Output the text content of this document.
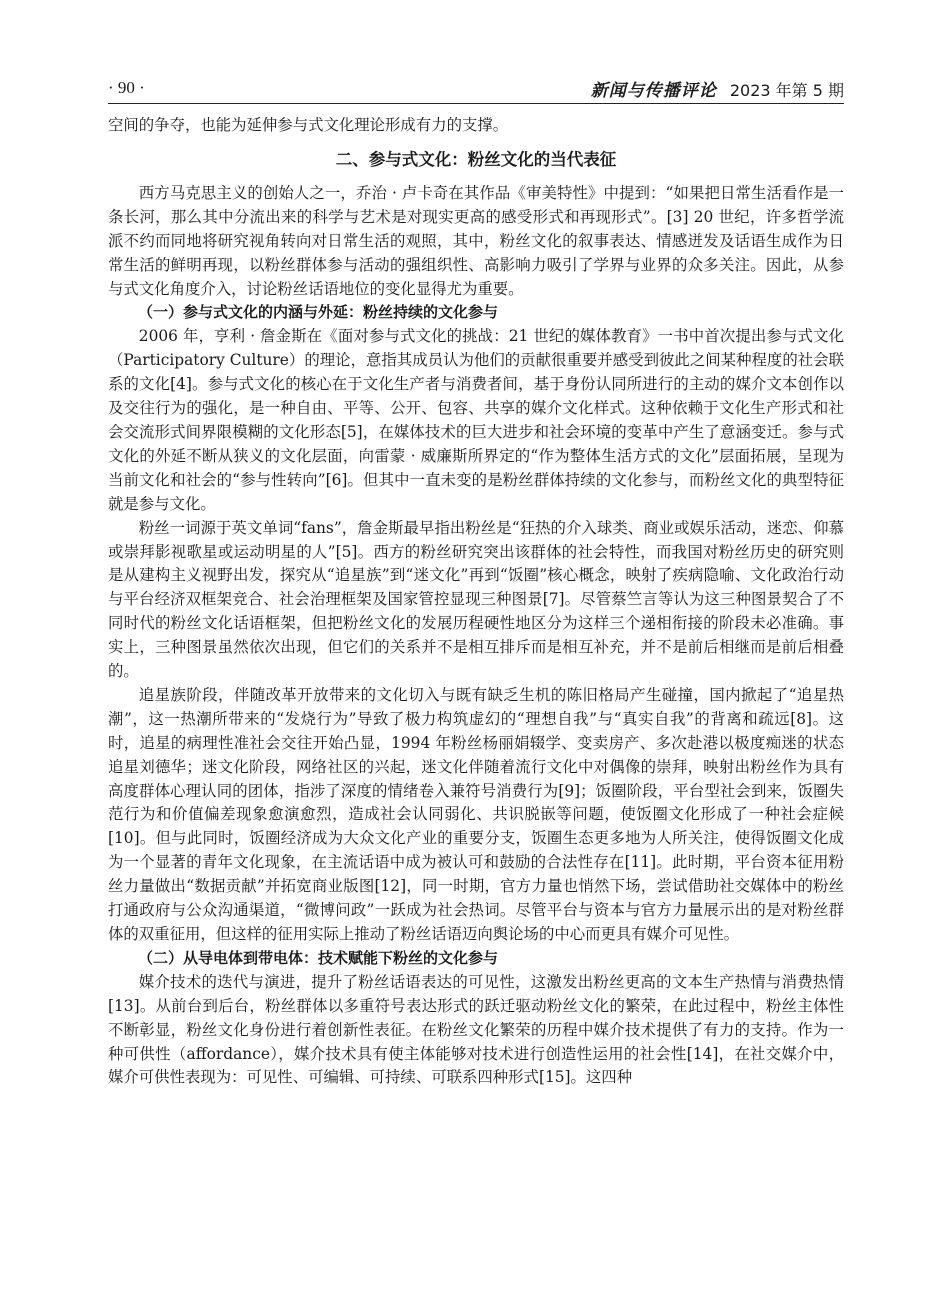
· 90 ·	新闻与传播评论 2023 年第 5 期

空间的争夺，也能为延伸参与式文化理论形成有力的支撑。

二、参与式文化：粉丝文化的当代表征

西方马克思主义的创始人之一，乔治 · 卢卡奇在其作品《审美特性》中提到：“如果把日常生活看作是一条长河，那么其中分流出来的科学与艺术是对现实更高的感受形式和再现形式”。[3] 20 世纪，许多哲学流派不约而同地将研究视角转向对日常生活的观照，其中，粉丝文化的叙事表达、情感迸发及话语生成作为日常生活的鲜明再现，以粉丝群体参与活动的强组织性、高影响力吸引了学界与业界的众多关注。因此，从参与式文化角度介入，讨论粉丝话语地位的变化显得尤为重要。

（一）参与式文化的内涵与外延：粉丝持续的文化参与

2006 年，亨利 · 詹金斯在《面对参与式文化的挑战：21 世纪的媒体教育》一书中首次提出参与式文化（Participatory Culture）的理论，意指其成员认为他们的贡献很重要并感受到彼此之间某种程度的社会联系的文化[4]。参与式文化的核心在于文化生产者与消费者间，基于身份认同所进行的主动的媒介文本创作以及交往行为的强化，是一种自由、平等、公开、包容、共享的媒介文化样式。这种依赖于文化生产形式和社会交流形式间界限模糊的文化形态[5]，在媒体技术的巨大进步和社会环境的变革中产生了意涵变迁。参与式文化的外延不断从狭义的文化层面，向雷蒙 · 威廉斯所界定的“作为整体生活方式的文化”层面拓展，呈现为当前文化和社会的“参与性转向”[6]。但其中一直未变的是粉丝群体持续的文化参与，而粉丝文化的典型特征就是参与文化。

粉丝一词源于英文单词“fans”，詹金斯最早指出粉丝是“狂热的介入球类、商业或娱乐活动，迷恋、仰慕或崇拜影视歌星或运动明星的人”[5]。西方的粉丝研究突出该群体的社会特性，而我国对粉丝历史的研究则是从建构主义视野出发，探究从“追星族”到“迷文化”再到“饭圈”核心概念，映射了疾病隐喻、文化政治行动与平台经济双框架竞合、社会治理框架及国家管控显现三种图景[7]。尽管蔡竺言等认为这三种图景契合了不同时代的粉丝文化话语框架，但把粉丝文化的发展历程硬性地区分为这样三个递相衔接的阶段未必准确。事实上，三种图景虽然依次出现，但它们的关系并不是相互排斥而是相互补充，并不是前后相继而是前后相叠的。

追星族阶段，伴随改革开放带来的文化切入与既有缺乏生机的陈旧格局产生碰撞，国内掀起了“追星热潮”，这一热潮所带来的“发烧行为”导致了极力构筑虚幻的“理想自我”与“真实自我”的背离和疏远[8]。这时，追星的病理性准社会交往开始凸显，1994 年粉丝杨丽娟辍学、变卖房产、多次赴港以极度痴迷的状态追星刘德华；迷文化阶段，网络社区的兴起，迷文化伴随着流行文化中对偶像的崇拜，映射出粉丝作为具有高度群体心理认同的团体，指涉了深度的情绪卷入兼符号消费行为[9]；饭圈阶段，平台型社会到来，饭圈失范行为和价值偏差现象愈演愈烈，造成社会认同弱化、共识脱嵌等问题，使饭圈文化形成了一种社会症候[10]。但与此同时，饭圈经济成为大众文化产业的重要分支，饭圈生态更多地为人所关注，使得饭圈文化成为一个显著的青年文化现象，在主流话语中成为被认可和鼓励的合法性存在[11]。此时期，平台资本征用粉丝力量做出“数据贡献”并拓宽商业版图[12]，同一时期，官方力量也悄然下场，尝试借助社交媒体中的粉丝打通政府与公众沟通渠道，“微博问政”一跃成为社会热词。尽管平台与资本与官方力量展示出的是对粉丝群体的双重征用，但这样的征用实际上推动了粉丝话语迈向舆论场的中心而更具有媒介可见性。

（二）从导电体到带电体：技术赋能下粉丝的文化参与

媒介技术的迭代与演进，提升了粉丝话语表达的可见性，这激发出粉丝更高的文本生产热情与消费热情[13]。从前台到后台，粉丝群体以多重符号表达形式的跃迁驱动粉丝文化的繁荣，在此过程中，粉丝主体性不断彰显，粉丝文化身份进行着创新性表征。在粉丝文化繁荣的历程中媒介技术提供了有力的支持。作为一种可供性（affordance），媒介技术具有使主体能够对技术进行创造性运用的社会性[14]，在社交媒介中，媒介可供性表现为：可见性、可编辑、可持续、可联系四种形式[15]。这四种
